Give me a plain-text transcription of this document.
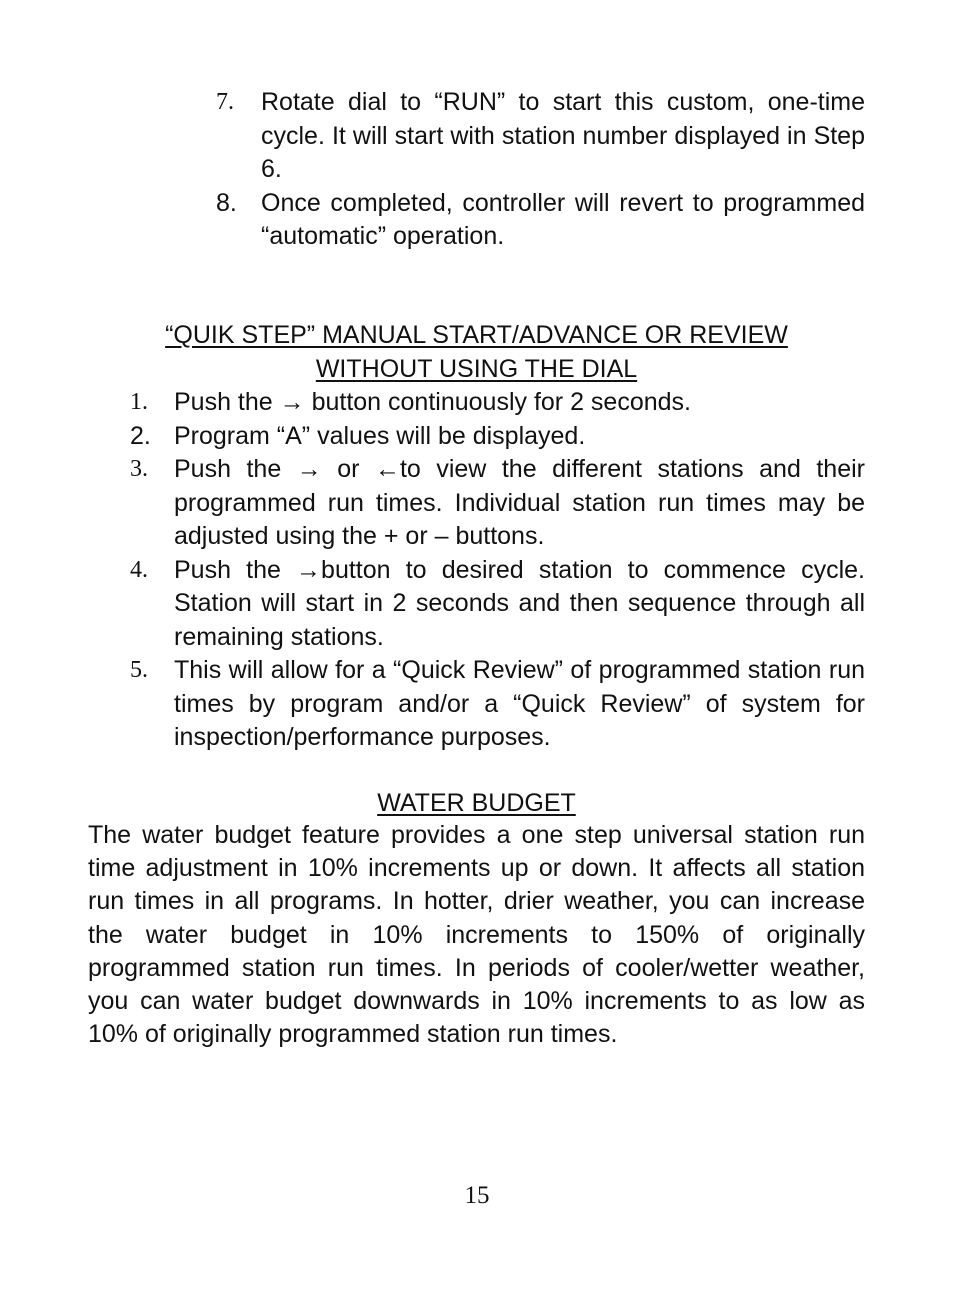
7. Rotate dial to “RUN” to start this custom, one-time cycle. It will start with station number displayed in Step 6.
8. Once completed, controller will revert to programmed “automatic” operation.
“QUIK STEP” MANUAL START/ADVANCE OR REVIEW
WITHOUT USING THE DIAL
1. Push the → button continuously for 2 seconds.
2. Program “A” values will be displayed.
3. Push the → or ←to view the different stations and their programmed run times. Individual station run times may be adjusted using the + or – buttons.
4. Push the →button to desired station to commence cycle. Station will start in 2 seconds and then sequence through all remaining stations.
5. This will allow for a “Quick Review” of programmed station run times by program and/or a “Quick Review” of system for inspection/performance purposes.
WATER BUDGET

The water budget feature provides a one step universal station run time adjustment in 10% increments up or down. It affects all station run times in all programs. In hotter, drier weather, you can increase the water budget in 10% increments to 150% of originally programmed station run times. In periods of cooler/wetter weather, you can water budget downwards in 10% increments to as low as 10% of originally programmed station run times.

15
